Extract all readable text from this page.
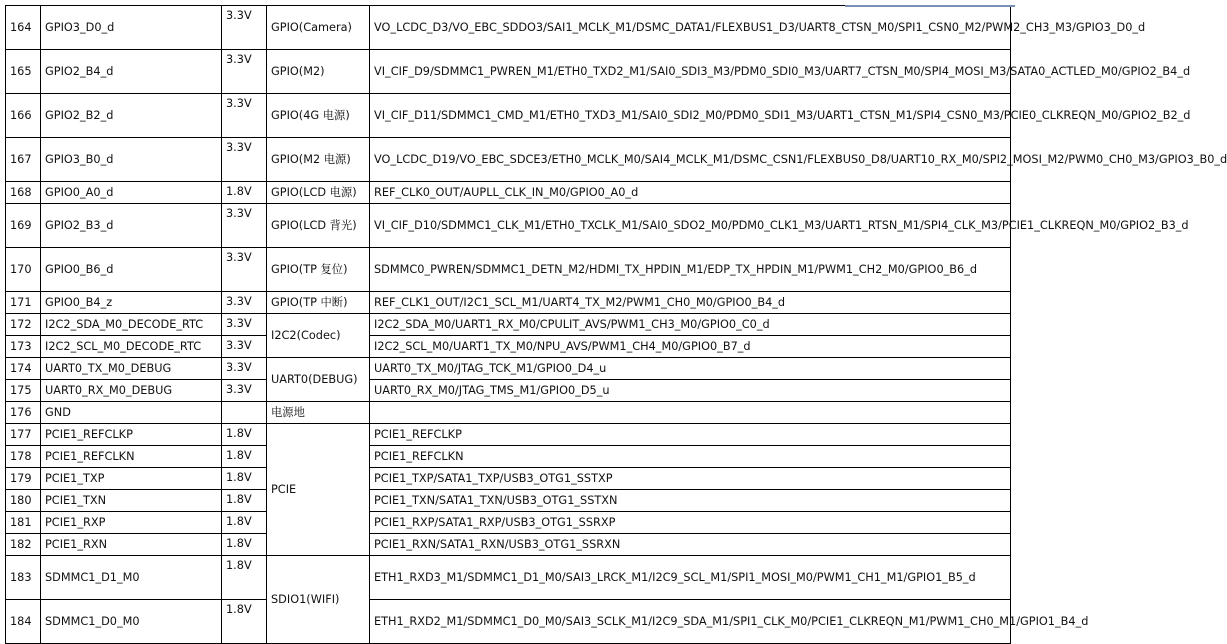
164	GPIO3_D0_d	3.3V	GPIO(Camera)	VO_LCDC_D3/VO_EBC_SDDO3/SAI1_MCLK_M1/DSMC_DATA1/FLEXBUS1_D3/UART8_CTSN_M0/SPI1_CSN0_M2/PWM2_CH3_M3/GPIO3_D0_d
165	GPIO2_B4_d	3.3V	GPIO(M2)	VI_CIF_D9/SDMMC1_PWREN_M1/ETH0_TXD2_M1/SAI0_SDI3_M3/PDM0_SDI0_M3/UART7_CTSN_M0/SPI4_MOSI_M3/SATA0_ACTLED_M0/GPIO2_B4_d
166	GPIO2_B2_d	3.3V	GPIO(4G 电源)	VI_CIF_D11/SDMMC1_CMD_M1/ETH0_TXD3_M1/SAI0_SDI2_M0/PDM0_SDI1_M3/UART1_CTSN_M1/SPI4_CSN0_M3/PCIE0_CLKREQN_M0/GPIO2_B2_d
167	GPIO3_B0_d	3.3V	GPIO(M2 电源)	VO_LCDC_D19/VO_EBC_SDCE3/ETH0_MCLK_M0/SAI4_MCLK_M1/DSMC_CSN1/FLEXBUS0_D8/UART10_RX_M0/SPI2_MOSI_M2/PWM0_CH0_M3/GPIO3_B0_d
168	GPIO0_A0_d	1.8V	GPIO(LCD 电源)	REF_CLK0_OUT/AUPLL_CLK_IN_M0/GPIO0_A0_d
169	GPIO2_B3_d	3.3V	GPIO(LCD 背光)	VI_CIF_D10/SDMMC1_CLK_M1/ETH0_TXCLK_M1/SAI0_SDO2_M0/PDM0_CLK1_M3/UART1_RTSN_M1/SPI4_CLK_M3/PCIE1_CLKREQN_M0/GPIO2_B3_d
170	GPIO0_B6_d	3.3V	GPIO(TP 复位)	SDMMC0_PWREN/SDMMC1_DETN_M2/HDMI_TX_HPDIN_M1/EDP_TX_HPDIN_M1/PWM1_CH2_M0/GPIO0_B6_d
171	GPIO0_B4_z	3.3V	GPIO(TP 中断)	REF_CLK1_OUT/I2C1_SCL_M1/UART4_TX_M2/PWM1_CH0_M0/GPIO0_B4_d
172	I2C2_SDA_M0_DECODE_RTC	3.3V	I2C2(Codec)	I2C2_SDA_M0/UART1_RX_M0/CPULIT_AVS/PWM1_CH3_M0/GPIO0_C0_d
173	I2C2_SCL_M0_DECODE_RTC	3.3V		I2C2_SCL_M0/UART1_TX_M0/NPU_AVS/PWM1_CH4_M0/GPIO0_B7_d
174	UART0_TX_M0_DEBUG	3.3V	UART0(DEBUG)	UART0_TX_M0/JTAG_TCK_M1/GPIO0_D4_u
175	UART0_RX_M0_DEBUG	3.3V		UART0_RX_M0/JTAG_TMS_M1/GPIO0_D5_u
176	GND		电源地	
177	PCIE1_REFCLKP	1.8V	PCIE	PCIE1_REFCLKP
178	PCIE1_REFCLKN	1.8V		PCIE1_REFCLKN
179	PCIE1_TXP	1.8V		PCIE1_TXP/SATA1_TXP/USB3_OTG1_SSTXP
180	PCIE1_TXN	1.8V		PCIE1_TXN/SATA1_TXN/USB3_OTG1_SSTXN
181	PCIE1_RXP	1.8V		PCIE1_RXP/SATA1_RXP/USB3_OTG1_SSRXP
182	PCIE1_RXN	1.8V		PCIE1_RXN/SATA1_RXN/USB3_OTG1_SSRXN
183	SDMMC1_D1_M0	1.8V	SDIO1(WIFI)	ETH1_RXD3_M1/SDMMC1_D1_M0/SAI3_LRCK_M1/I2C9_SCL_M1/SPI1_MOSI_M0/PWM1_CH1_M1/GPIO1_B5_d
184	SDMMC1_D0_M0	1.8V		ETH1_RXD2_M1/SDMMC1_D0_M0/SAI3_SCLK_M1/I2C9_SDA_M1/SPI1_CLK_M0/PCIE1_CLKREQN_M1/PWM1_CH0_M1/GPIO1_B4_d
